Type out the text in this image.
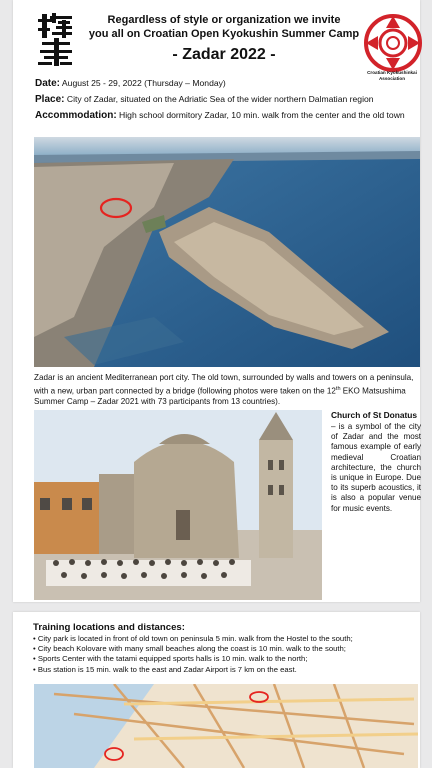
Regardless of style or organization we invite
you all on Croatian Open Kyokushin Summer Camp
- Zadar 2022 -
Croatian Kyokushinkai
Association
Date: August 25 - 29, 2022 (Thursday – Monday)
Place: City of Zadar, situated on the Adriatic Sea of the wider northern Dalmatian region
Accommodation: High school dormitory Zadar, 10 min. walk from the center and the old town
Zadar is an ancient Mediterranean port city. The old town, surrounded by walls and towers on a peninsula, with a new, urban part connected by a bridge (following photos were taken on the 12th EKO Matsushima Summer Camp – Zadar 2021 with 73 participants from 13 countries).
Church of St Donatus
– is a symbol of the city of Zadar and the most famous example of early medieval Croatian architecture, the church is unique in Europe. Due to its superb acoustics, it is also a popular venue for music events.
Training locations and distances:
• City park is located in front of old town on peninsula 5 min. walk from the Hostel to the south;
• City beach Kolovare with many small beaches along the coast is 10 min. walk to the south;
• Sports Center with the tatami equipped sports halls is 10 min. walk to the north;
• Bus station is 15 min. walk to the east and Zadar Airport is 7 km on the east.
